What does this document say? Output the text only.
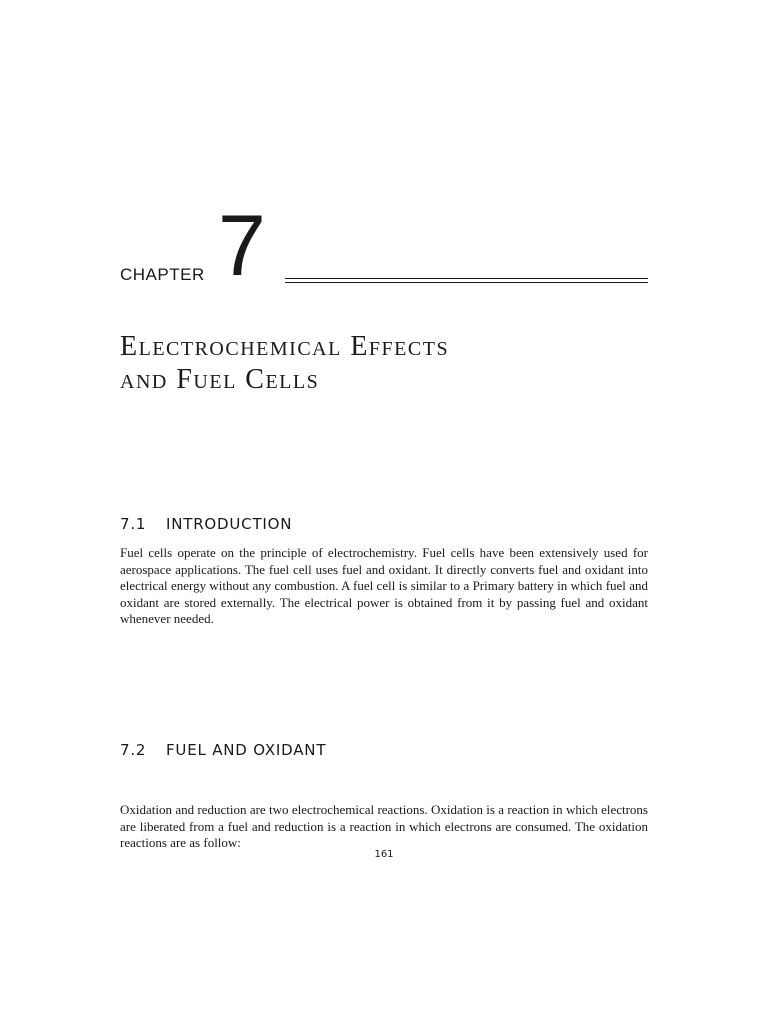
CHAPTER 7
Electrochemical Effects
and Fuel Cells
7.1 INTRODUCTION

Fuel cells operate on the principle of electrochemistry. Fuel cells have been extensively used for aerospace applications. The fuel cell uses fuel and oxidant. It directly converts fuel and oxidant into electrical energy without any combustion. A fuel cell is similar to a Primary battery in which fuel and oxidant are stored externally. The electrical power is obtained from it by passing fuel and oxidant whenever needed.

7.2 FUEL AND OXIDANT

Oxidation and reduction are two electrochemical reactions. Oxidation is a reaction in which electrons are liberated from a fuel and reduction is a reaction in which electrons are consumed. The oxidation reactions are as follow:

161
